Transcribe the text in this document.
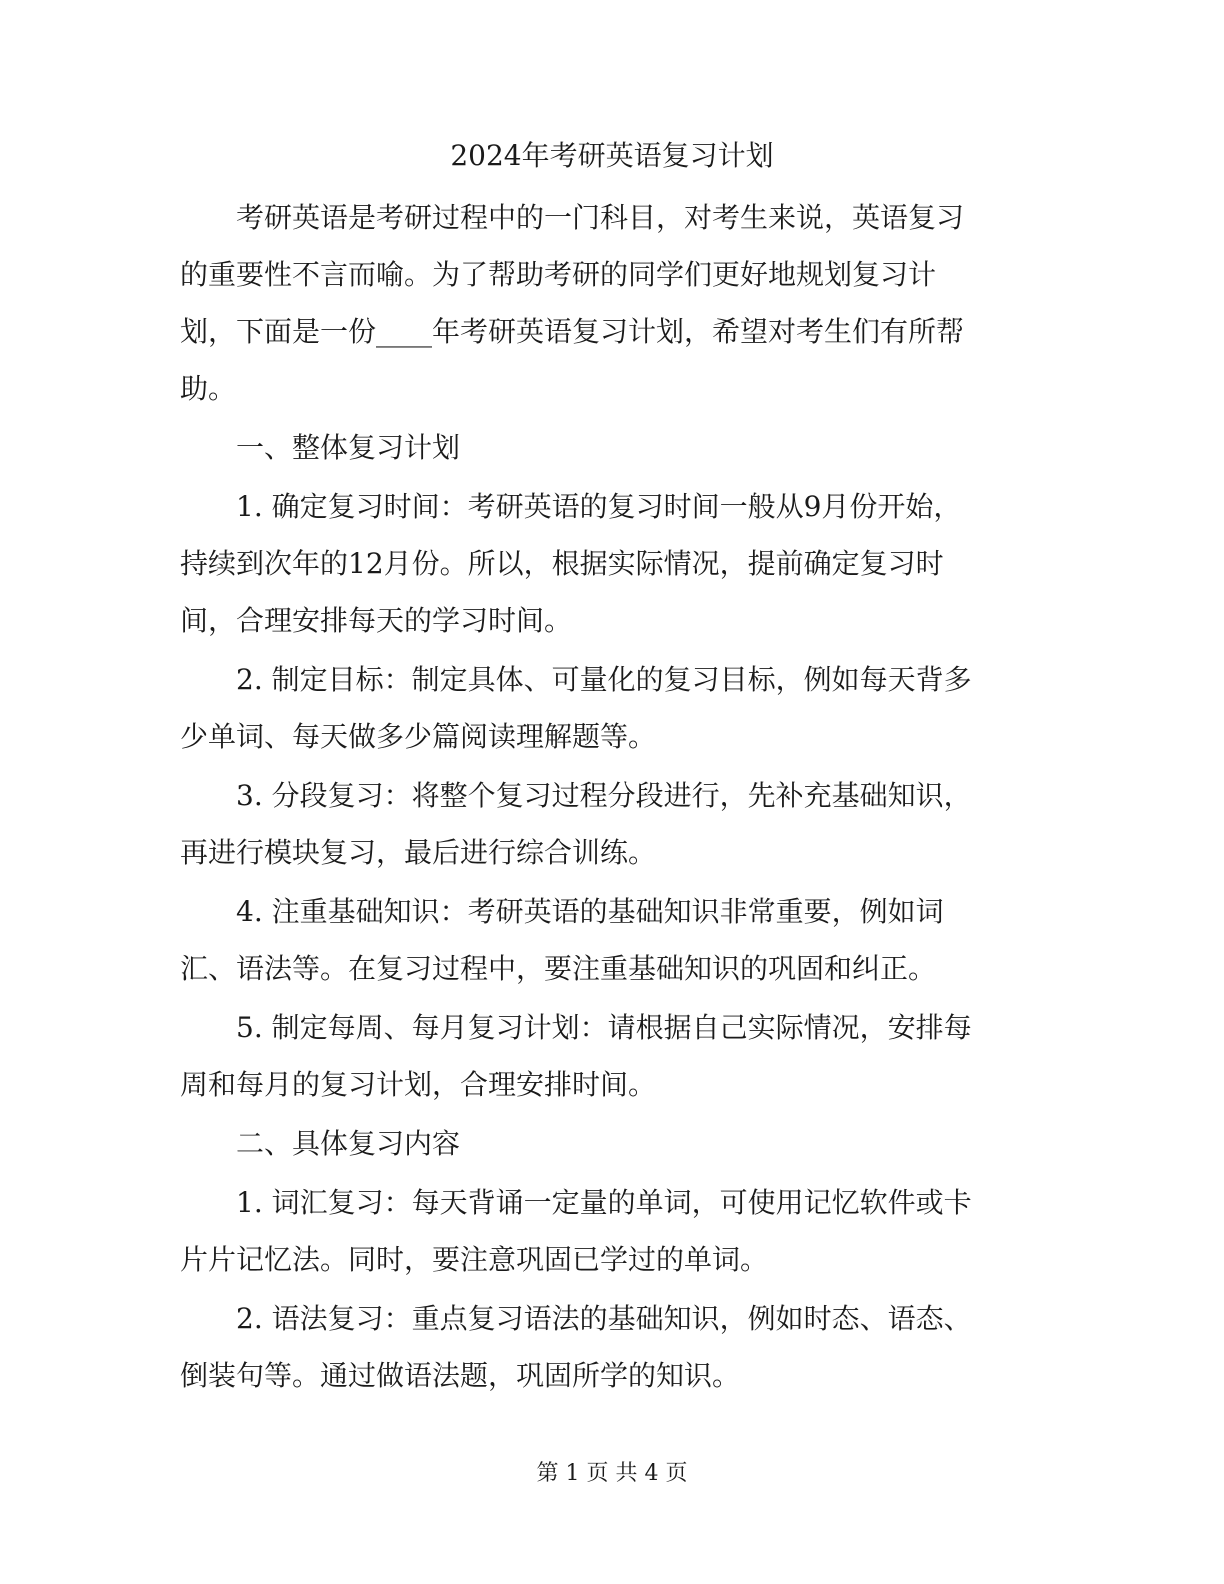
2024年考研英语复习计划
　　考研英语是考研过程中的一门科目，对考生来说，英语复习
的重要性不言而喻。为了帮助考研的同学们更好地规划复习计
划，下面是一份____年考研英语复习计划，希望对考生们有所帮
助。
　　一、整体复习计划
　　1. 确定复习时间：考研英语的复习时间一般从9月份开始，
持续到次年的12月份。所以，根据实际情况，提前确定复习时
间，合理安排每天的学习时间。
　　2. 制定目标：制定具体、可量化的复习目标，例如每天背多
少单词、每天做多少篇阅读理解题等。
　　3. 分段复习：将整个复习过程分段进行，先补充基础知识，
再进行模块复习，最后进行综合训练。
　　4. 注重基础知识：考研英语的基础知识非常重要，例如词
汇、语法等。在复习过程中，要注重基础知识的巩固和纠正。
　　5. 制定每周、每月复习计划：请根据自己实际情况，安排每
周和每月的复习计划，合理安排时间。
　　二、具体复习内容
　　1. 词汇复习：每天背诵一定量的单词，可使用记忆软件或卡
片片记忆法。同时，要注意巩固已学过的单词。
　　2. 语法复习：重点复习语法的基础知识，例如时态、语态、
倒装句等。通过做语法题，巩固所学的知识。
第 1 页 共 4 页
